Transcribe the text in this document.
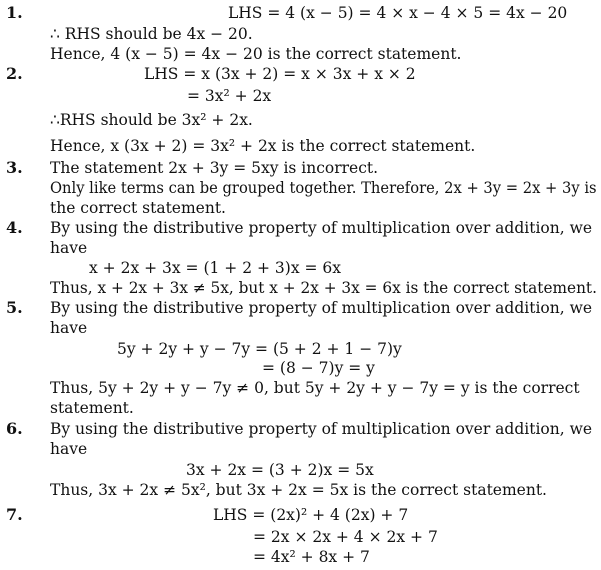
1.	LHS = 4 (x − 5) = 4 × x − 4 × 5 = 4x − 20
∴ RHS should be 4x − 20.
Hence, 4 (x − 5) = 4x − 20 is the correct statement.
2.	LHS = x (3x + 2) = x × 3x + x × 2
= 3x² + 2x
∴RHS should be 3x² + 2x.
Hence, x (3x + 2) = 3x² + 2x is the correct statement.
3. The statement 2x + 3y = 5xy is incorrect.
Only like terms can be grouped together. Therefore, 2x + 3y = 2x + 3y is
the correct statement.
4. By using the distributive property of multiplication over addition, we
have
x + 2x + 3x = (1 + 2 + 3)x = 6x
Thus, x + 2x + 3x ≠ 5x, but x + 2x + 3x = 6x is the correct statement.
5. By using the distributive property of multiplication over addition, we
have
5y + 2y + y − 7y = (5 + 2 + 1 − 7)y
= (8 − 7)y = y
Thus, 5y + 2y + y − 7y ≠ 0, but 5y + 2y + y − 7y = y is the correct
statement.
6. By using the distributive property of multiplication over addition, we
have
3x + 2x = (3 + 2)x = 5x
Thus, 3x + 2x ≠ 5x², but 3x + 2x = 5x is the correct statement.
7.	LHS = (2x)² + 4 (2x) + 7
= 2x × 2x + 4 × 2x + 7
= 4x² + 8x + 7
